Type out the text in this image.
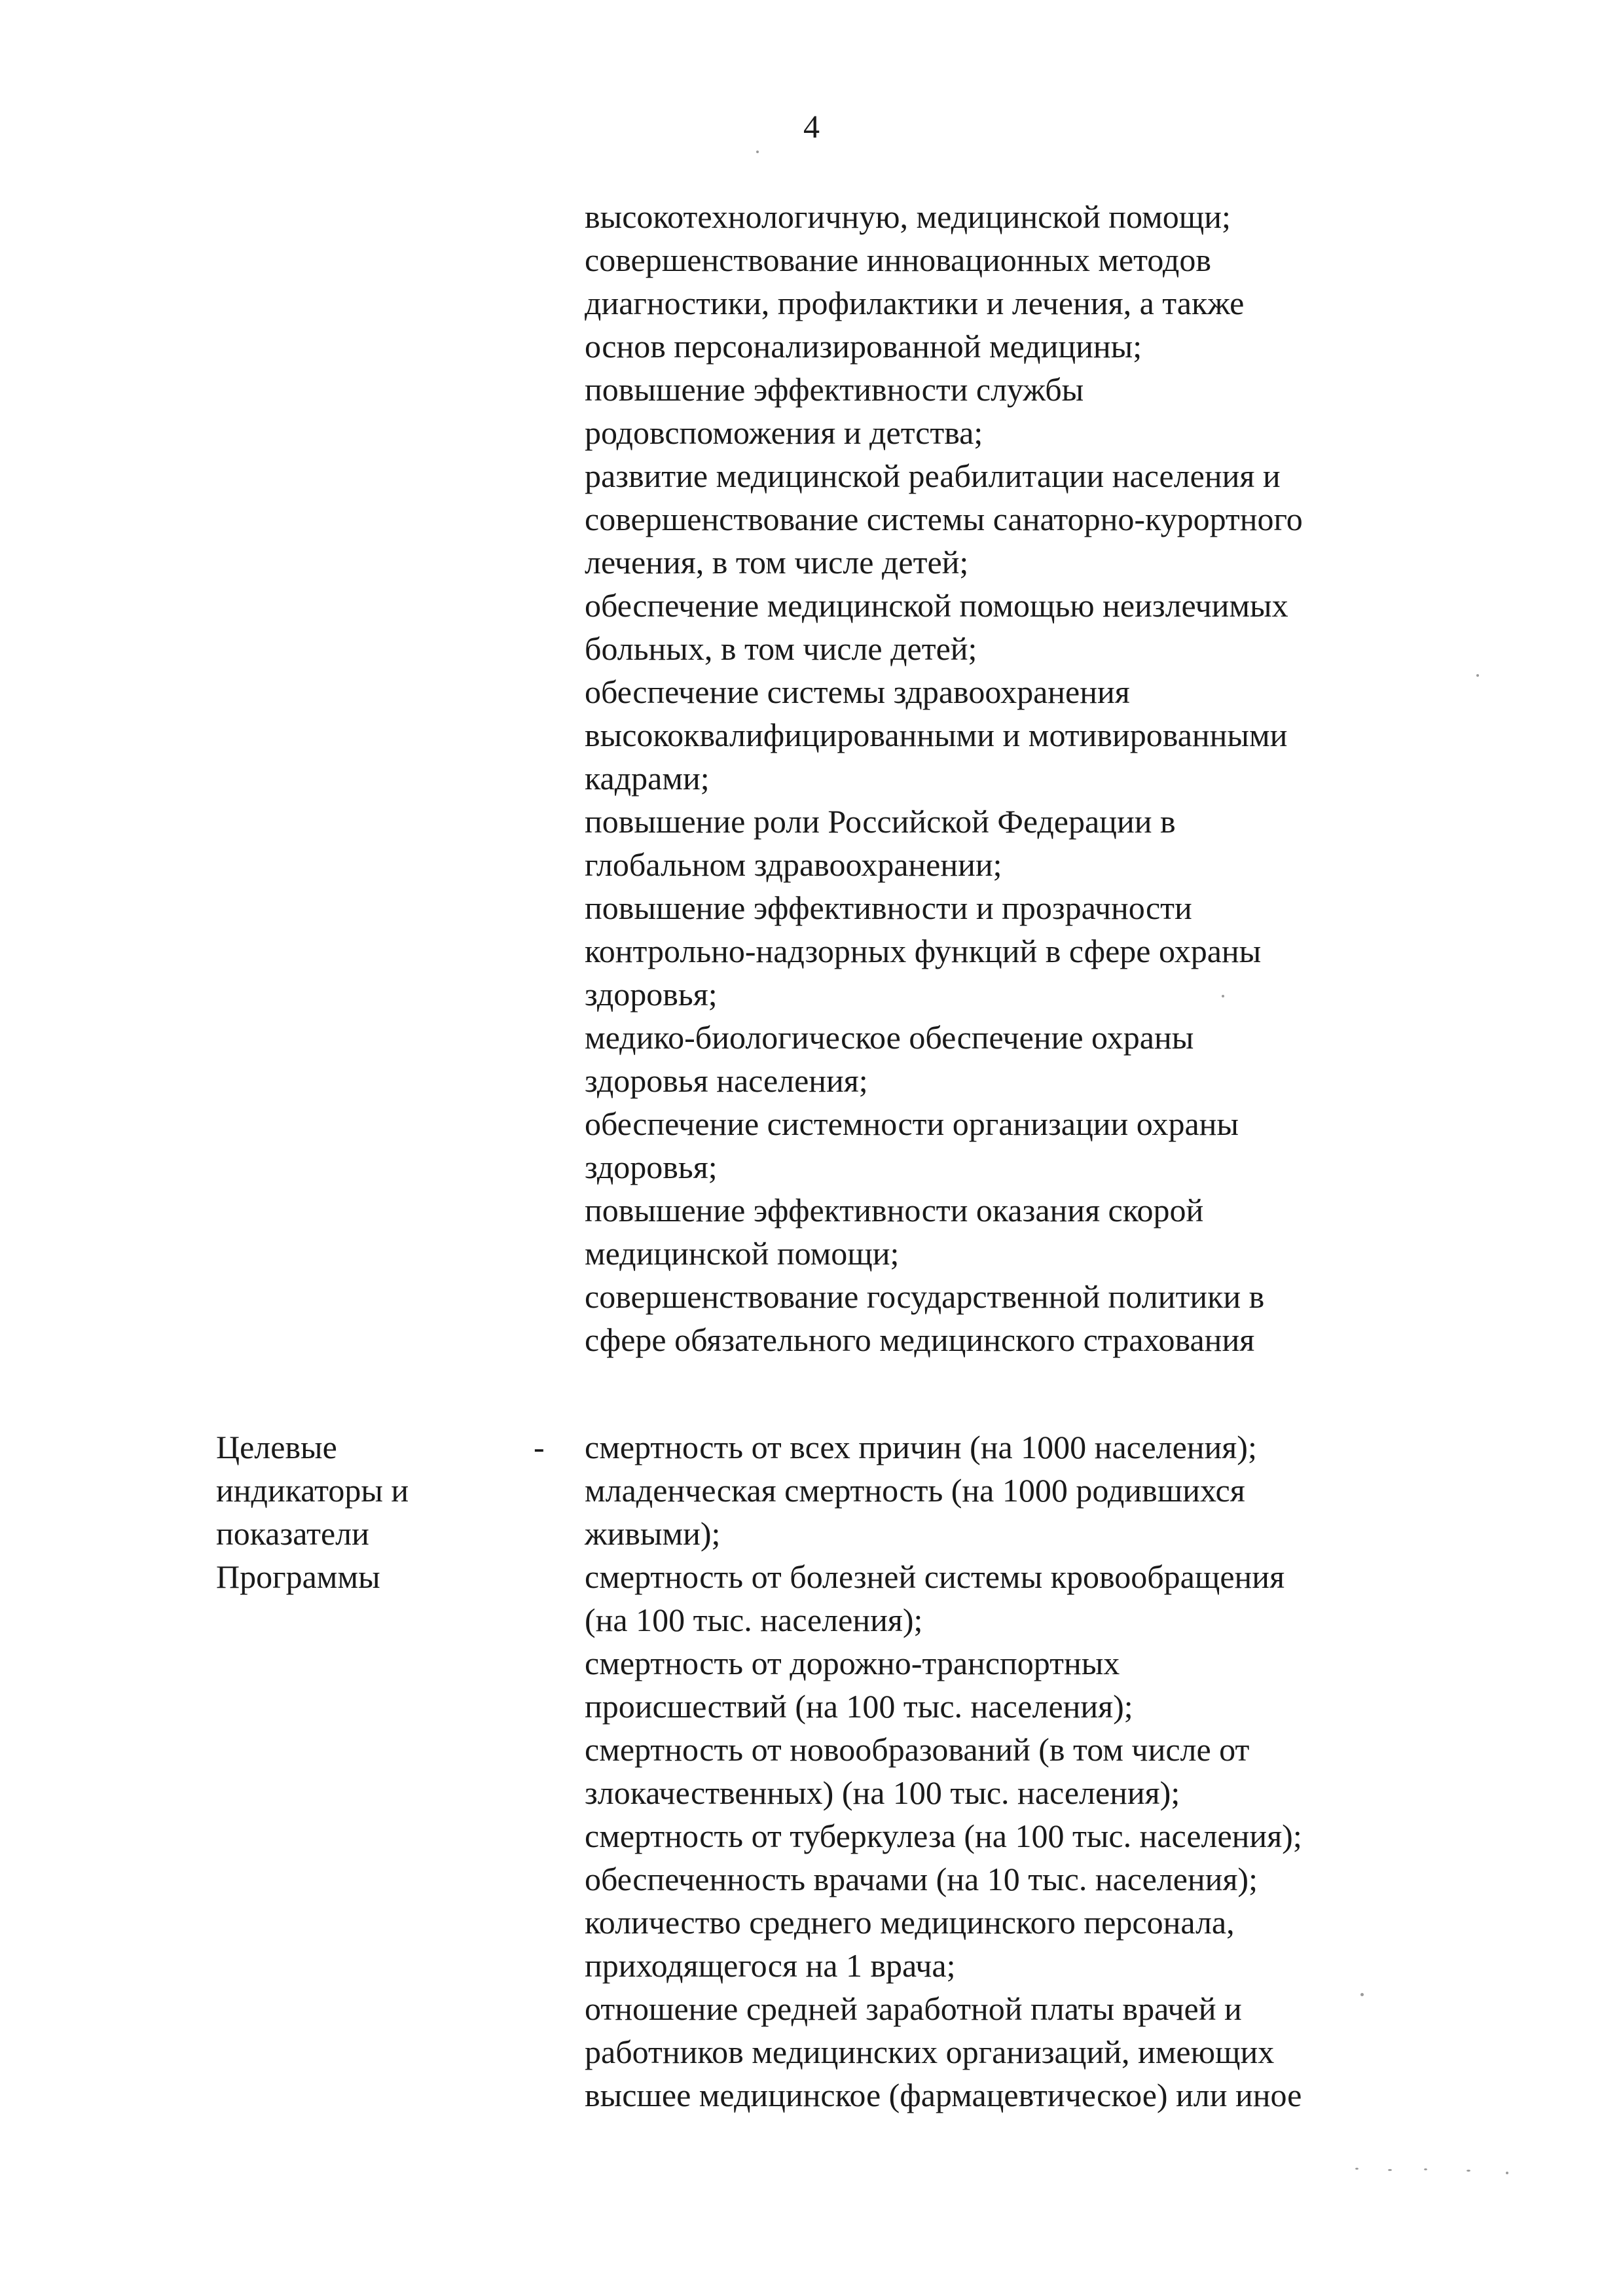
4
высокотехнологичную, медицинской помощи;
совершенствование инновационных методов
диагностики, профилактики и лечения, а также
основ персонализированной медицины;
повышение эффективности службы
родовспоможения и детства;
развитие медицинской реабилитации населения и
совершенствование системы санаторно-курортного
лечения, в том числе детей;
обеспечение медицинской помощью неизлечимых
больных, в том числе детей;
обеспечение системы здравоохранения
высококвалифицированными и мотивированными
кадрами;
повышение роли Российской Федерации в
глобальном здравоохранении;
повышение эффективности и прозрачности
контрольно-надзорных функций в сфере охраны
здоровья;
медико-биологическое обеспечение охраны
здоровья населения;
обеспечение системности организации охраны
здоровья;
повышение эффективности оказания скорой
медицинской помощи;
совершенствование государственной политики в
сфере обязательного медицинского страхования
Целевые
индикаторы и
показатели
Программы
-	смертность от всех причин (на 1000 населения);
младенческая смертность (на 1000 родившихся
живыми);
смертность от болезней системы кровообращения
(на 100 тыс. населения);
смертность от дорожно-транспортных
происшествий (на 100 тыс. населения);
смертность от новообразований (в том числе от
злокачественных) (на 100 тыс. населения);
смертность от туберкулеза (на 100 тыс. населения);
обеспеченность врачами (на 10 тыс. населения);
количество среднего медицинского персонала,
приходящегося на 1 врача;
отношение средней заработной платы врачей и
работников медицинских организаций, имеющих
высшее медицинское (фармацевтическое) или иное
